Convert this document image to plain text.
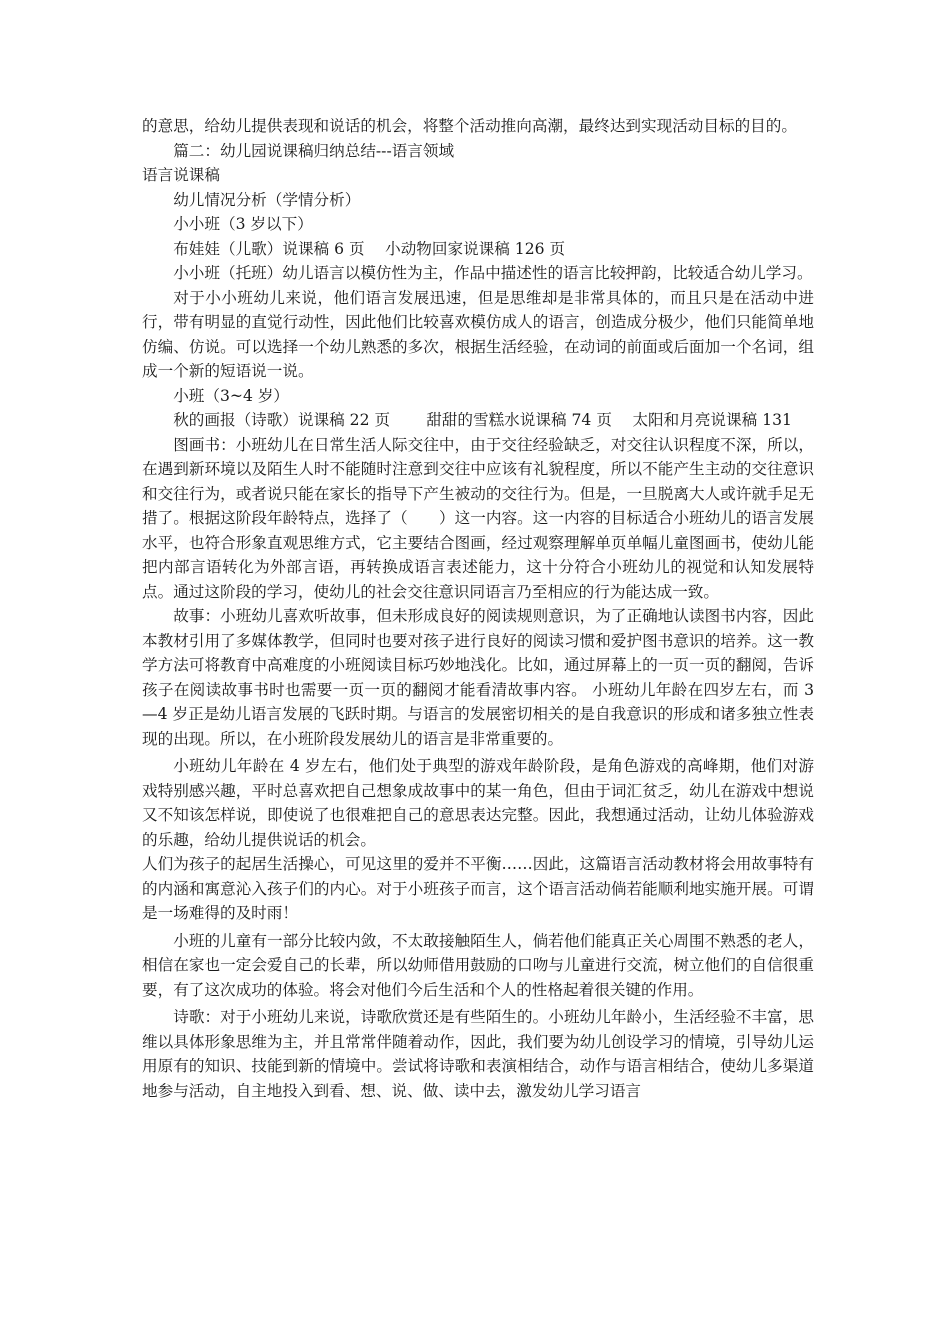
的意思，给幼儿提供表现和说话的机会，将整个活动推向高潮，最终达到实现活动目标的目的。

篇二：幼儿园说课稿归纳总结---语言领域

语言说课稿

幼儿情况分析（学情分析）

小小班（3 岁以下）

布娃娃（儿歌）说课稿 6 页　 小动物回家说课稿 126 页

小小班（托班）幼儿语言以模仿性为主，作品中描述性的语言比较押韵，比较适合幼儿学习。

对于小小班幼儿来说，他们语言发展迅速，但是思维却是非常具体的，而且只是在活动中进行，带有明显的直觉行动性，因此他们比较喜欢模仿成人的语言，创造成分极少，他们只能简单地仿编、仿说。可以选择一个幼儿熟悉的多次，根据生活经验，在动词的前面或后面加一个名词，组成一个新的短语说一说。

小班（3~4 岁）

秋的画报（诗歌）说课稿 22 页　　 甜甜的雪糕水说课稿 74 页　 太阳和月亮说课稿 131

图画书：小班幼儿在日常生活人际交往中，由于交往经验缺乏，对交往认识程度不深，所以，在遇到新环境以及陌生人时不能随时注意到交往中应该有礼貌程度，所以不能产生主动的交往意识和交往行为，或者说只能在家长的指导下产生被动的交往行为。但是，一旦脱离大人或许就手足无措了。根据这阶段年龄特点，选择了（　　）这一内容。这一内容的目标适合小班幼儿的语言发展水平，也符合形象直观思维方式，它主要结合图画，经过观察理解单页单幅儿童图画书，使幼儿能把内部言语转化为外部言语，再转换成语言表述能力，这十分符合小班幼儿的视觉和认知发展特点。通过这阶段的学习，使幼儿的社会交往意识同语言乃至相应的行为能达成一致。

故事：小班幼儿喜欢听故事，但未形成良好的阅读规则意识，为了正确地认读图书内容，因此本教材引用了多媒体教学，但同时也要对孩子进行良好的阅读习惯和爱护图书意识的培养。这一教学方法可将教育中高难度的小班阅读目标巧妙地浅化。比如，通过屏幕上的一页一页的翻阅，告诉孩子在阅读故事书时也需要一页一页的翻阅才能看清故事内容。 小班幼儿年龄在四岁左右，而 3—4 岁正是幼儿语言发展的飞跃时期。与语言的发展密切相关的是自我意识的形成和诸多独立性表现的出现。所以，在小班阶段发展幼儿的语言是非常重要的。

小班幼儿年龄在 4 岁左右，他们处于典型的游戏年龄阶段，是角色游戏的高峰期，他们对游戏特别感兴趣，平时总喜欢把自己想象成故事中的某一角色，但由于词汇贫乏，幼儿在游戏中想说又不知该怎样说，即使说了也很难把自己的意思表达完整。因此，我想通过活动，让幼儿体验游戏的乐趣，给幼儿提供说话的机会。

人们为孩子的起居生活操心，可见这里的爱并不平衡……因此，这篇语言活动教材将会用故事特有的内涵和寓意沁入孩子们的内心。对于小班孩子而言，这个语言活动倘若能顺利地实施开展。可谓是一场难得的及时雨！

小班的儿童有一部分比较内敛，不太敢接触陌生人，倘若他们能真正关心周围不熟悉的老人，相信在家也一定会爱自己的长辈，所以幼师借用鼓励的口吻与儿童进行交流，树立他们的自信很重要，有了这次成功的体验。将会对他们今后生活和个人的性格起着很关键的作用。

诗歌：对于小班幼儿来说，诗歌欣赏还是有些陌生的。小班幼儿年龄小，生活经验不丰富，思维以具体形象思维为主，并且常常伴随着动作，因此，我们要为幼儿创设学习的情境，引导幼儿运用原有的知识、技能到新的情境中。尝试将诗歌和表演相结合，动作与语言相结合，使幼儿多渠道地参与活动，自主地投入到看、想、说、做、读中去，激发幼儿学习语言
